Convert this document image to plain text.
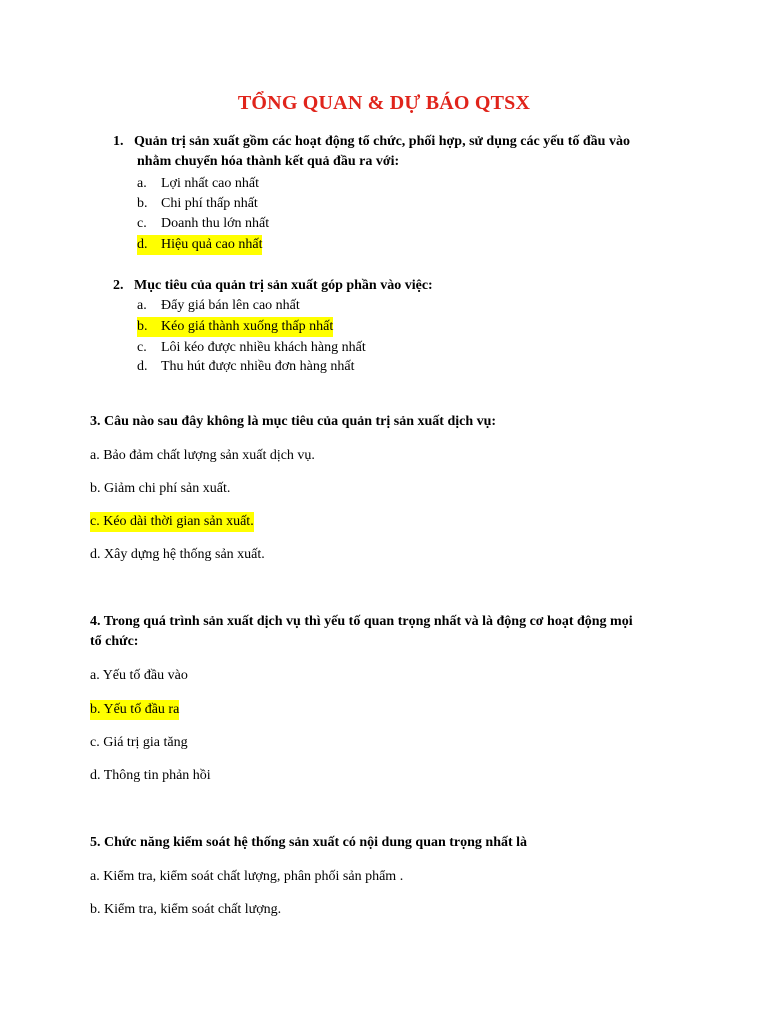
TỔNG QUAN & DỰ BÁO QTSX
1. Quản trị sản xuất gồm các hoạt động tổ chức, phối hợp, sử dụng các yếu tố đầu vào
nhằm chuyển hóa thành kết quả đầu ra với:
a. Lợi nhất cao nhất
b. Chi phí thấp nhất
c. Doanh thu lớn nhất
d. Hiệu quả cao nhất
2. Mục tiêu của quản trị sản xuất góp phần vào việc:
a. Đẩy giá bán lên cao nhất
b. Kéo giá thành xuống thấp nhất
c. Lôi kéo được nhiều khách hàng nhất
d. Thu hút được nhiều đơn hàng nhất
3. Câu nào sau đây không là mục tiêu của quản trị sản xuất dịch vụ:
a. Bảo đảm chất lượng sản xuất dịch vụ.
b. Giảm chi phí sản xuất.
c. Kéo dài thời gian sản xuất.
d. Xây dựng hệ thống sản xuất.
4. Trong quá trình sản xuất dịch vụ thì yếu tố quan trọng nhất và là động cơ hoạt động mọi
tổ chức:
a. Yếu tố đầu vào
b. Yếu tố đầu ra
c. Giá trị gia tăng
d. Thông tin phản hồi
5. Chức năng kiểm soát hệ thống sản xuất có nội dung quan trọng nhất là
a. Kiểm tra, kiểm soát chất lượng, phân phối sản phẩm .
b. Kiểm tra, kiểm soát chất lượng.
